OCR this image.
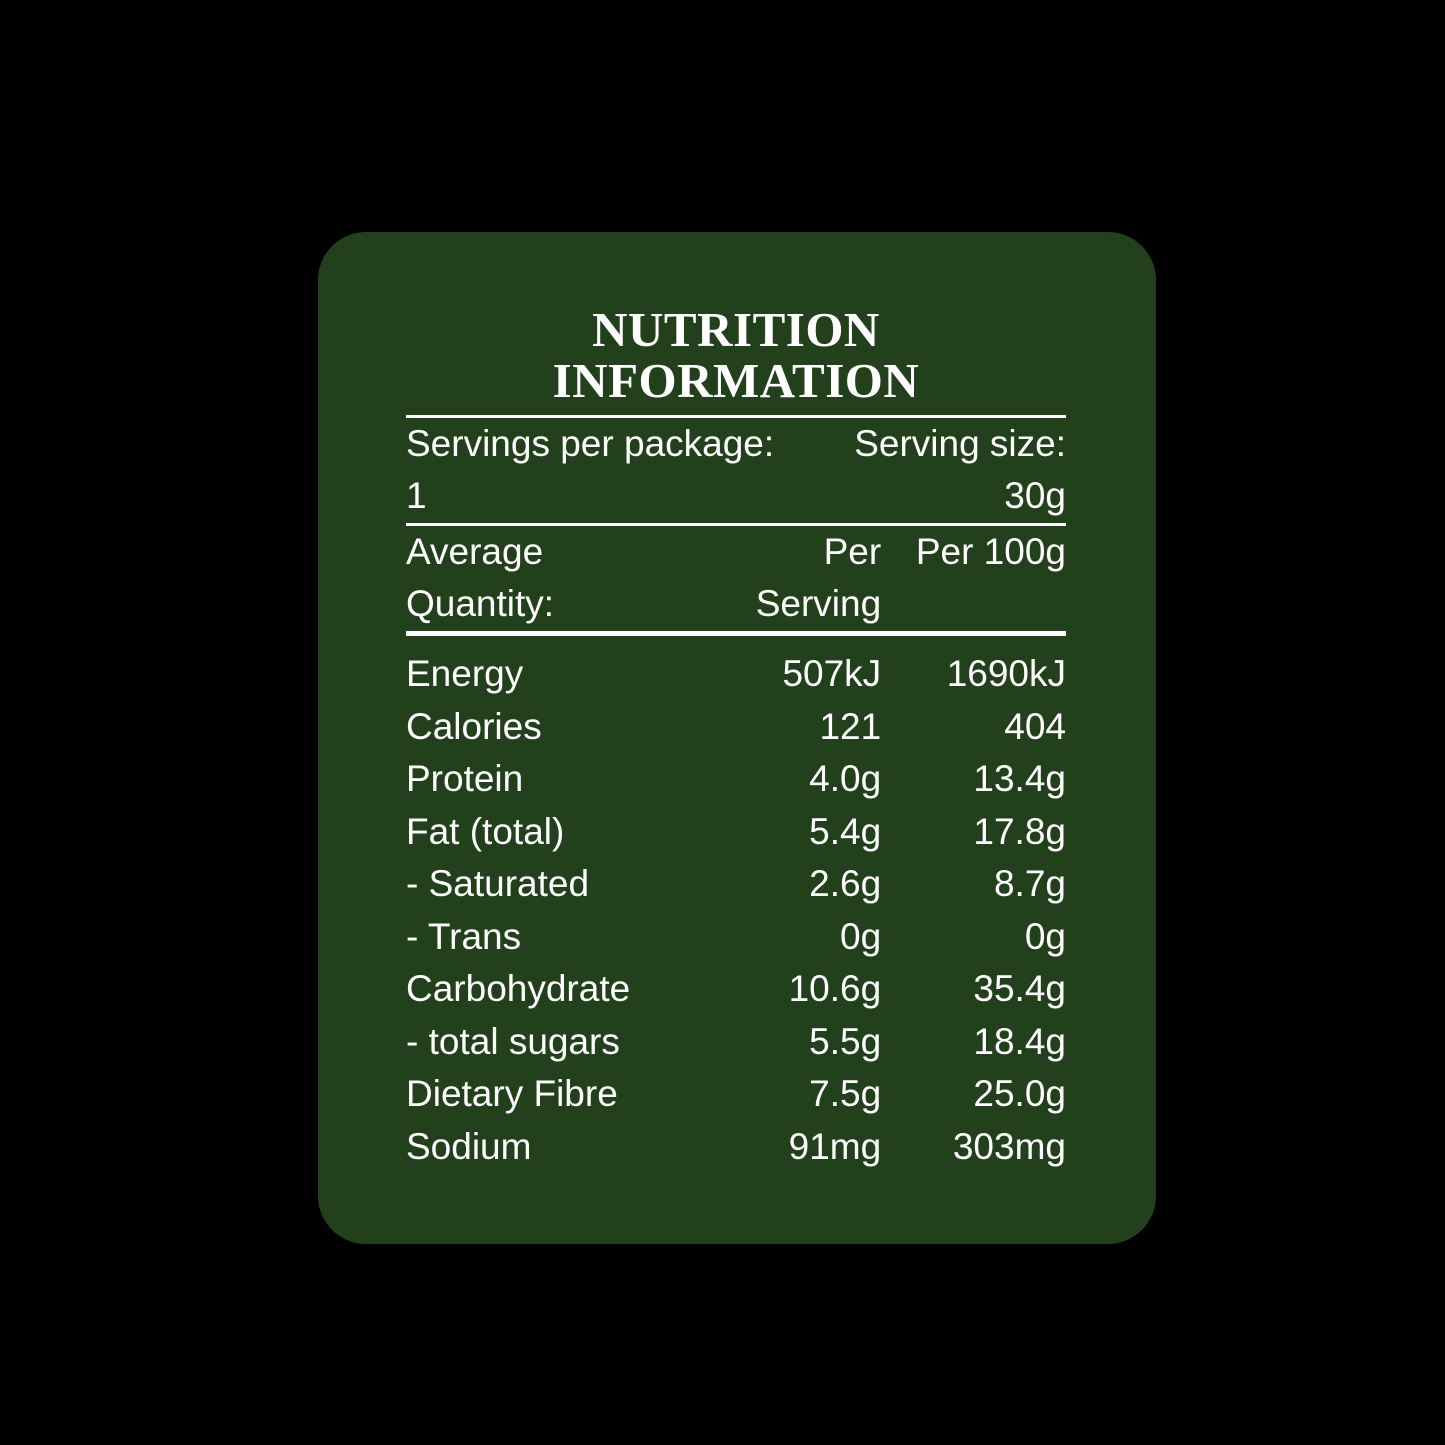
NUTRITION INFORMATION
Servings per package: 1	Serving size: 30g
Average Quantity:	Per Serving	Per 100g
Energy	507kJ	1690kJ
Calories	121	404
Protein	4.0g	13.4g
Fat (total)	5.4g	17.8g
- Saturated	2.6g	8.7g
- Trans	0g	0g
Carbohydrate	10.6g	35.4g
- total sugars	5.5g	18.4g
Dietary Fibre	7.5g	25.0g
Sodium	91mg	303mg
